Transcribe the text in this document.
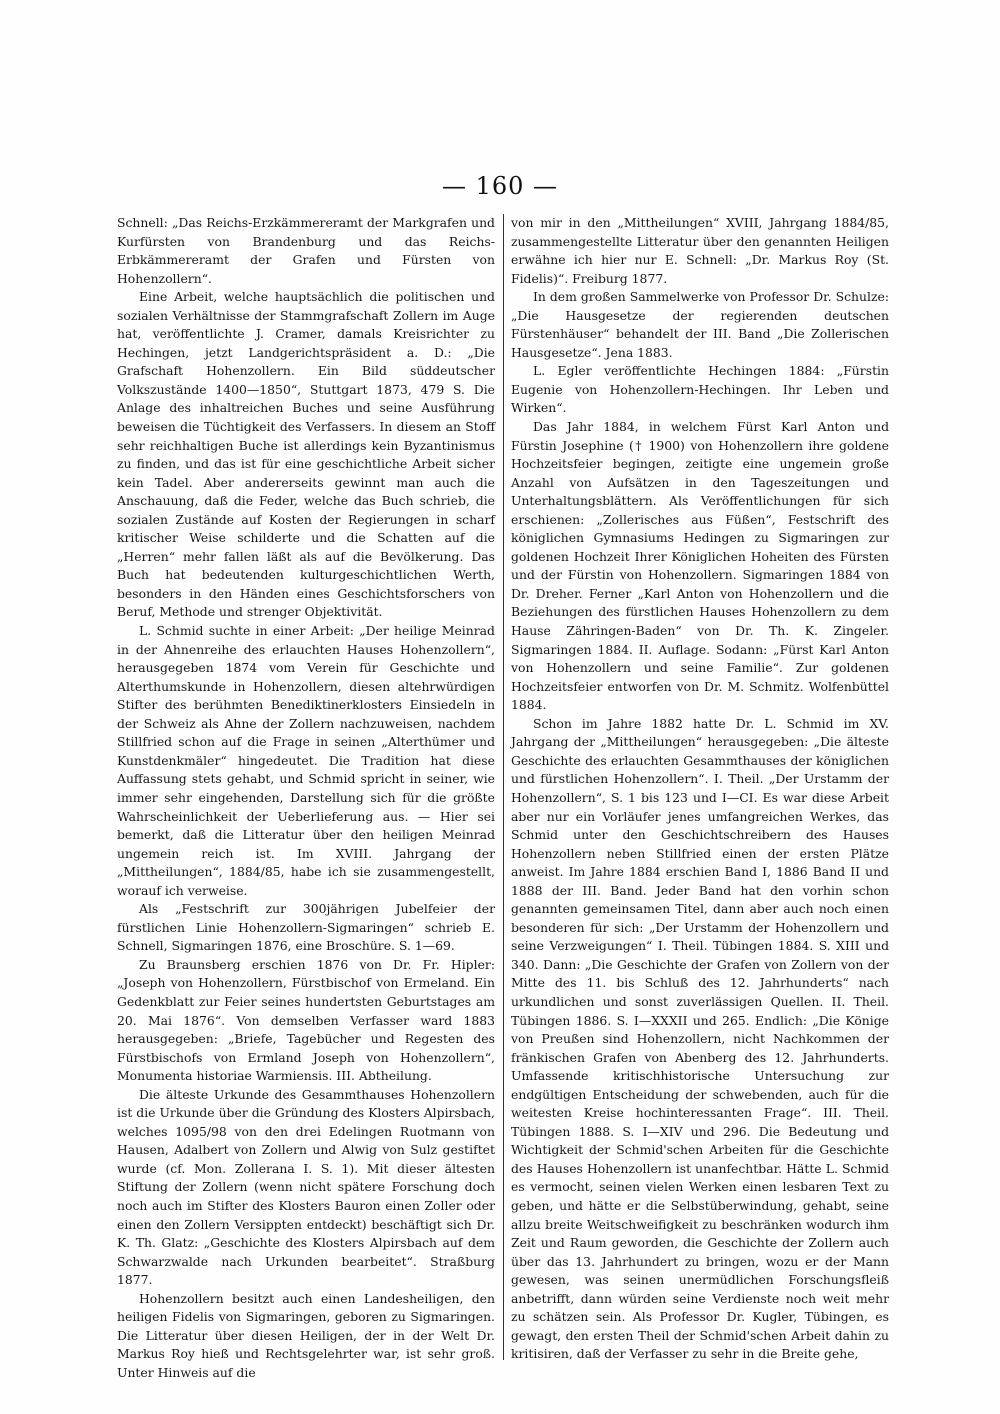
— 160 —

Schnell: „Das Reichs-Erzkämmereramt der Markgrafen und Kurfürsten von Brandenburg und das Reichs-Erbkämmereramt der Grafen und Fürsten von Hohenzollern“.

Eine Arbeit, welche hauptsächlich die politischen und sozialen Verhältnisse der Stammgrafschaft Zollern im Auge hat, veröffentlichte J. Cramer, damals Kreisrichter zu Hechingen, jetzt Landgerichtspräsident a. D.: „Die Grafschaft Hohenzollern. Ein Bild süddeutscher Volkszustände 1400—1850“, Stuttgart 1873, 479 S. Die Anlage des inhaltreichen Buches und seine Ausführung beweisen die Tüchtigkeit des Verfassers. In diesem an Stoff sehr reichhaltigen Buche ist allerdings kein Byzantinismus zu finden, und das ist für eine geschichtliche Arbeit sicher kein Tadel. Aber andererseits gewinnt man auch die Anschauung, daß die Feder, welche das Buch schrieb, die sozialen Zustände auf Kosten der Regierungen in scharf kritischer Weise schilderte und die Schatten auf die „Herren“ mehr fallen läßt als auf die Bevölkerung. Das Buch hat bedeutenden kulturgeschichtlichen Werth, besonders in den Händen eines Geschichtsforschers von Beruf, Methode und strenger Objektivität.

L. Schmid suchte in einer Arbeit: „Der heilige Meinrad in der Ahnenreihe des erlauchten Hauses Hohenzollern“, herausgegeben 1874 vom Verein für Geschichte und Alterthumskunde in Hohenzollern, diesen altehrwürdigen Stifter des berühmten Benediktinerklosters Einsiedeln in der Schweiz als Ahne der Zollern nachzuweisen, nachdem Stillfried schon auf die Frage in seinen „Alterthümer und Kunstdenkmäler“ hingedeutet. Die Tradition hat diese Auffassung stets gehabt, und Schmid spricht in seiner, wie immer sehr eingehenden, Darstellung sich für die größte Wahrscheinlichkeit der Ueberlieferung aus. — Hier sei bemerkt, daß die Litteratur über den heiligen Meinrad ungemein reich ist. Im XVIII. Jahrgang der „Mittheilungen“, 1884/85, habe ich sie zusammengestellt, worauf ich verweise.

Als „Festschrift zur 300jährigen Jubelfeier der fürstlichen Linie Hohenzollern-Sigmaringen“ schrieb E. Schnell, Sigmaringen 1876, eine Broschüre. S. 1—69.

Zu Braunsberg erschien 1876 von Dr. Fr. Hipler: „Joseph von Hohenzollern, Fürstbischof von Ermeland. Ein Gedenkblatt zur Feier seines hundertsten Geburtstages am 20. Mai 1876“. Von demselben Verfasser ward 1883 herausgegeben: „Briefe, Tagebücher und Regesten des Fürstbischofs von Ermland Joseph von Hohenzollern“, Monumenta historiae Warmiensis. III. Abtheilung.

Die älteste Urkunde des Gesammthauses Hohenzollern ist die Urkunde über die Gründung des Klosters Alpirsbach, welches 1095/98 von den drei Edelingen Ruotmann von Hausen, Adalbert von Zollern und Alwig von Sulz gestiftet wurde (cf. Mon. Zollerana I. S. 1). Mit dieser ältesten Stiftung der Zollern (wenn nicht spätere Forschung doch noch auch im Stifter des Klosters Bauron einen Zoller oder einen den Zollern Versippten entdeckt) beschäftigt sich Dr. K. Th. Glatz: „Geschichte des Klosters Alpirsbach auf dem Schwarzwalde nach Urkunden bearbeitet“. Straßburg 1877.

Hohenzollern besitzt auch einen Landesheiligen, den heiligen Fidelis von Sigmaringen, geboren zu Sigmaringen. Die Litteratur über diesen Heiligen, der in der Welt Dr. Markus Roy hieß und Rechtsgelehrter war, ist sehr groß. Unter Hinweis auf die

von mir in den „Mittheilungen“ XVIII, Jahrgang 1884/85, zusammengestellte Litteratur über den genannten Heiligen erwähne ich hier nur E. Schnell: „Dr. Markus Roy (St. Fidelis)“. Freiburg 1877.

In dem großen Sammelwerke von Professor Dr. Schulze: „Die Hausgesetze der regierenden deutschen Fürstenhäuser“ behandelt der III. Band „Die Zollerischen Hausgesetze“. Jena 1883.

L. Egler veröffentlichte Hechingen 1884: „Fürstin Eugenie von Hohenzollern-Hechingen. Ihr Leben und Wirken“.

Das Jahr 1884, in welchem Fürst Karl Anton und Fürstin Josephine († 1900) von Hohenzollern ihre goldene Hochzeitsfeier begingen, zeitigte eine ungemein große Anzahl von Aufsätzen in den Tageszeitungen und Unterhaltungsblättern. Als Veröffentlichungen für sich erschienen: „Zollerisches aus Füßen“, Festschrift des königlichen Gymnasiums Hedingen zu Sigmaringen zur goldenen Hochzeit Ihrer Königlichen Hoheiten des Fürsten und der Fürstin von Hohenzollern. Sigmaringen 1884 von Dr. Dreher. Ferner „Karl Anton von Hohenzollern und die Beziehungen des fürstlichen Hauses Hohenzollern zu dem Hause Zähringen-Baden“ von Dr. Th. K. Zingeler. Sigmaringen 1884. II. Auflage. Sodann: „Fürst Karl Anton von Hohenzollern und seine Familie“. Zur goldenen Hochzeitsfeier entworfen von Dr. M. Schmitz. Wolfenbüttel 1884.

Schon im Jahre 1882 hatte Dr. L. Schmid im XV. Jahrgang der „Mittheilungen“ herausgegeben: „Die älteste Geschichte des erlauchten Gesammthauses der königlichen und fürstlichen Hohenzollern“. I. Theil. „Der Urstamm der Hohenzollern“, S. 1 bis 123 und I—CI. Es war diese Arbeit aber nur ein Vorläufer jenes umfangreichen Werkes, das Schmid unter den Geschichtschreibern des Hauses Hohenzollern neben Stillfried einen der ersten Plätze anweist. Im Jahre 1884 erschien Band I, 1886 Band II und 1888 der III. Band. Jeder Band hat den vorhin schon genannten gemeinsamen Titel, dann aber auch noch einen besonderen für sich: „Der Urstamm der Hohenzollern und seine Verzweigungen“ I. Theil. Tübingen 1884. S. XIII und 340. Dann: „Die Geschichte der Grafen von Zollern von der Mitte des 11. bis Schluß des 12. Jahrhunderts“ nach urkundlichen und sonst zuverlässigen Quellen. II. Theil. Tübingen 1886. S. I—XXXII und 265. Endlich: „Die Könige von Preußen sind Hohenzollern, nicht Nachkommen der fränkischen Grafen von Abenberg des 12. Jahrhunderts. Umfassende kritischhistorische Untersuchung zur endgültigen Entscheidung der schwebenden, auch für die weitesten Kreise hochinteressanten Frage“. III. Theil. Tübingen 1888. S. I—XIV und 296. Die Bedeutung und Wichtigkeit der Schmid'schen Arbeiten für die Geschichte des Hauses Hohenzollern ist unanfechtbar. Hätte L. Schmid es vermocht, seinen vielen Werken einen lesbaren Text zu geben, und hätte er die Selbstüberwindung, gehabt, seine allzu breite Weitschweifigkeit zu beschränken wodurch ihm Zeit und Raum geworden, die Geschichte der Zollern auch über das 13. Jahrhundert zu bringen, wozu er der Mann gewesen, was seinen unermüdlichen Forschungsfleiß anbetrifft, dann würden seine Verdienste noch weit mehr zu schätzen sein. Als Professor Dr. Kugler, Tübingen, es gewagt, den ersten Theil der Schmid'schen Arbeit dahin zu kritisiren, daß der Verfasser zu sehr in die Breite gehe,
